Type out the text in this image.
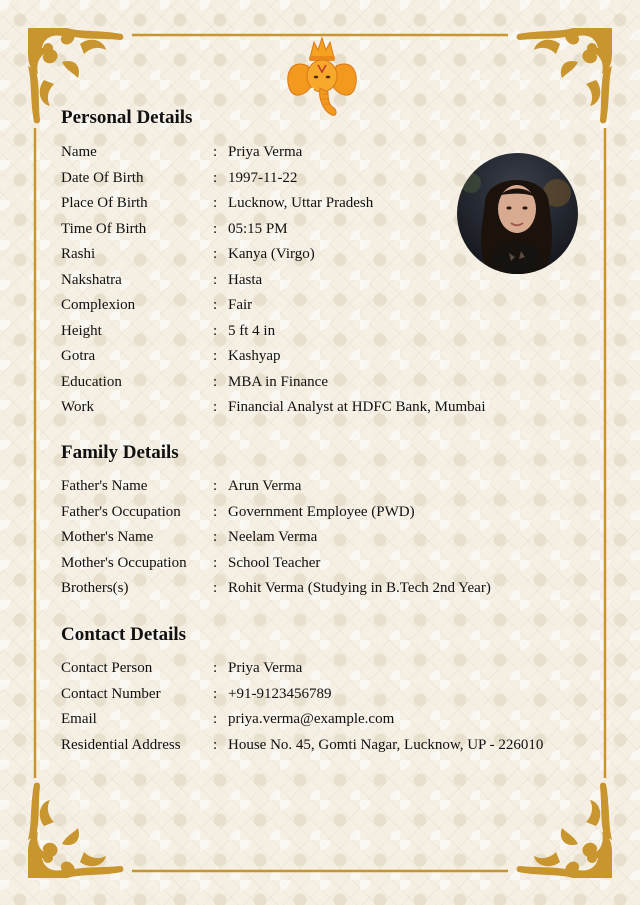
Personal Details
Name	: Priya Verma
Date Of Birth	: 1997-11-22
Place Of Birth	: Lucknow, Uttar Pradesh
Time Of Birth	: 05:15 PM
Rashi	: Kanya (Virgo)
Nakshatra	: Hasta
Complexion	: Fair
Height	: 5 ft 4 in
Gotra	: Kashyap
Education	: MBA in Finance
Work	: Financial Analyst at HDFC Bank, Mumbai
Family Details
Father's Name	: Arun Verma
Father's Occupation : Government Employee (PWD)
Mother's Name	: Neelam Verma
Mother's Occupation : School Teacher
Brothers(s)	: Rohit Verma (Studying in B.Tech 2nd Year)
Contact Details
Contact Person	: Priya Verma
Contact Number	: +91-9123456789
Email	: priya.verma@example.com
Residential Address : House No. 45, Gomti Nagar, Lucknow, UP - 226010
